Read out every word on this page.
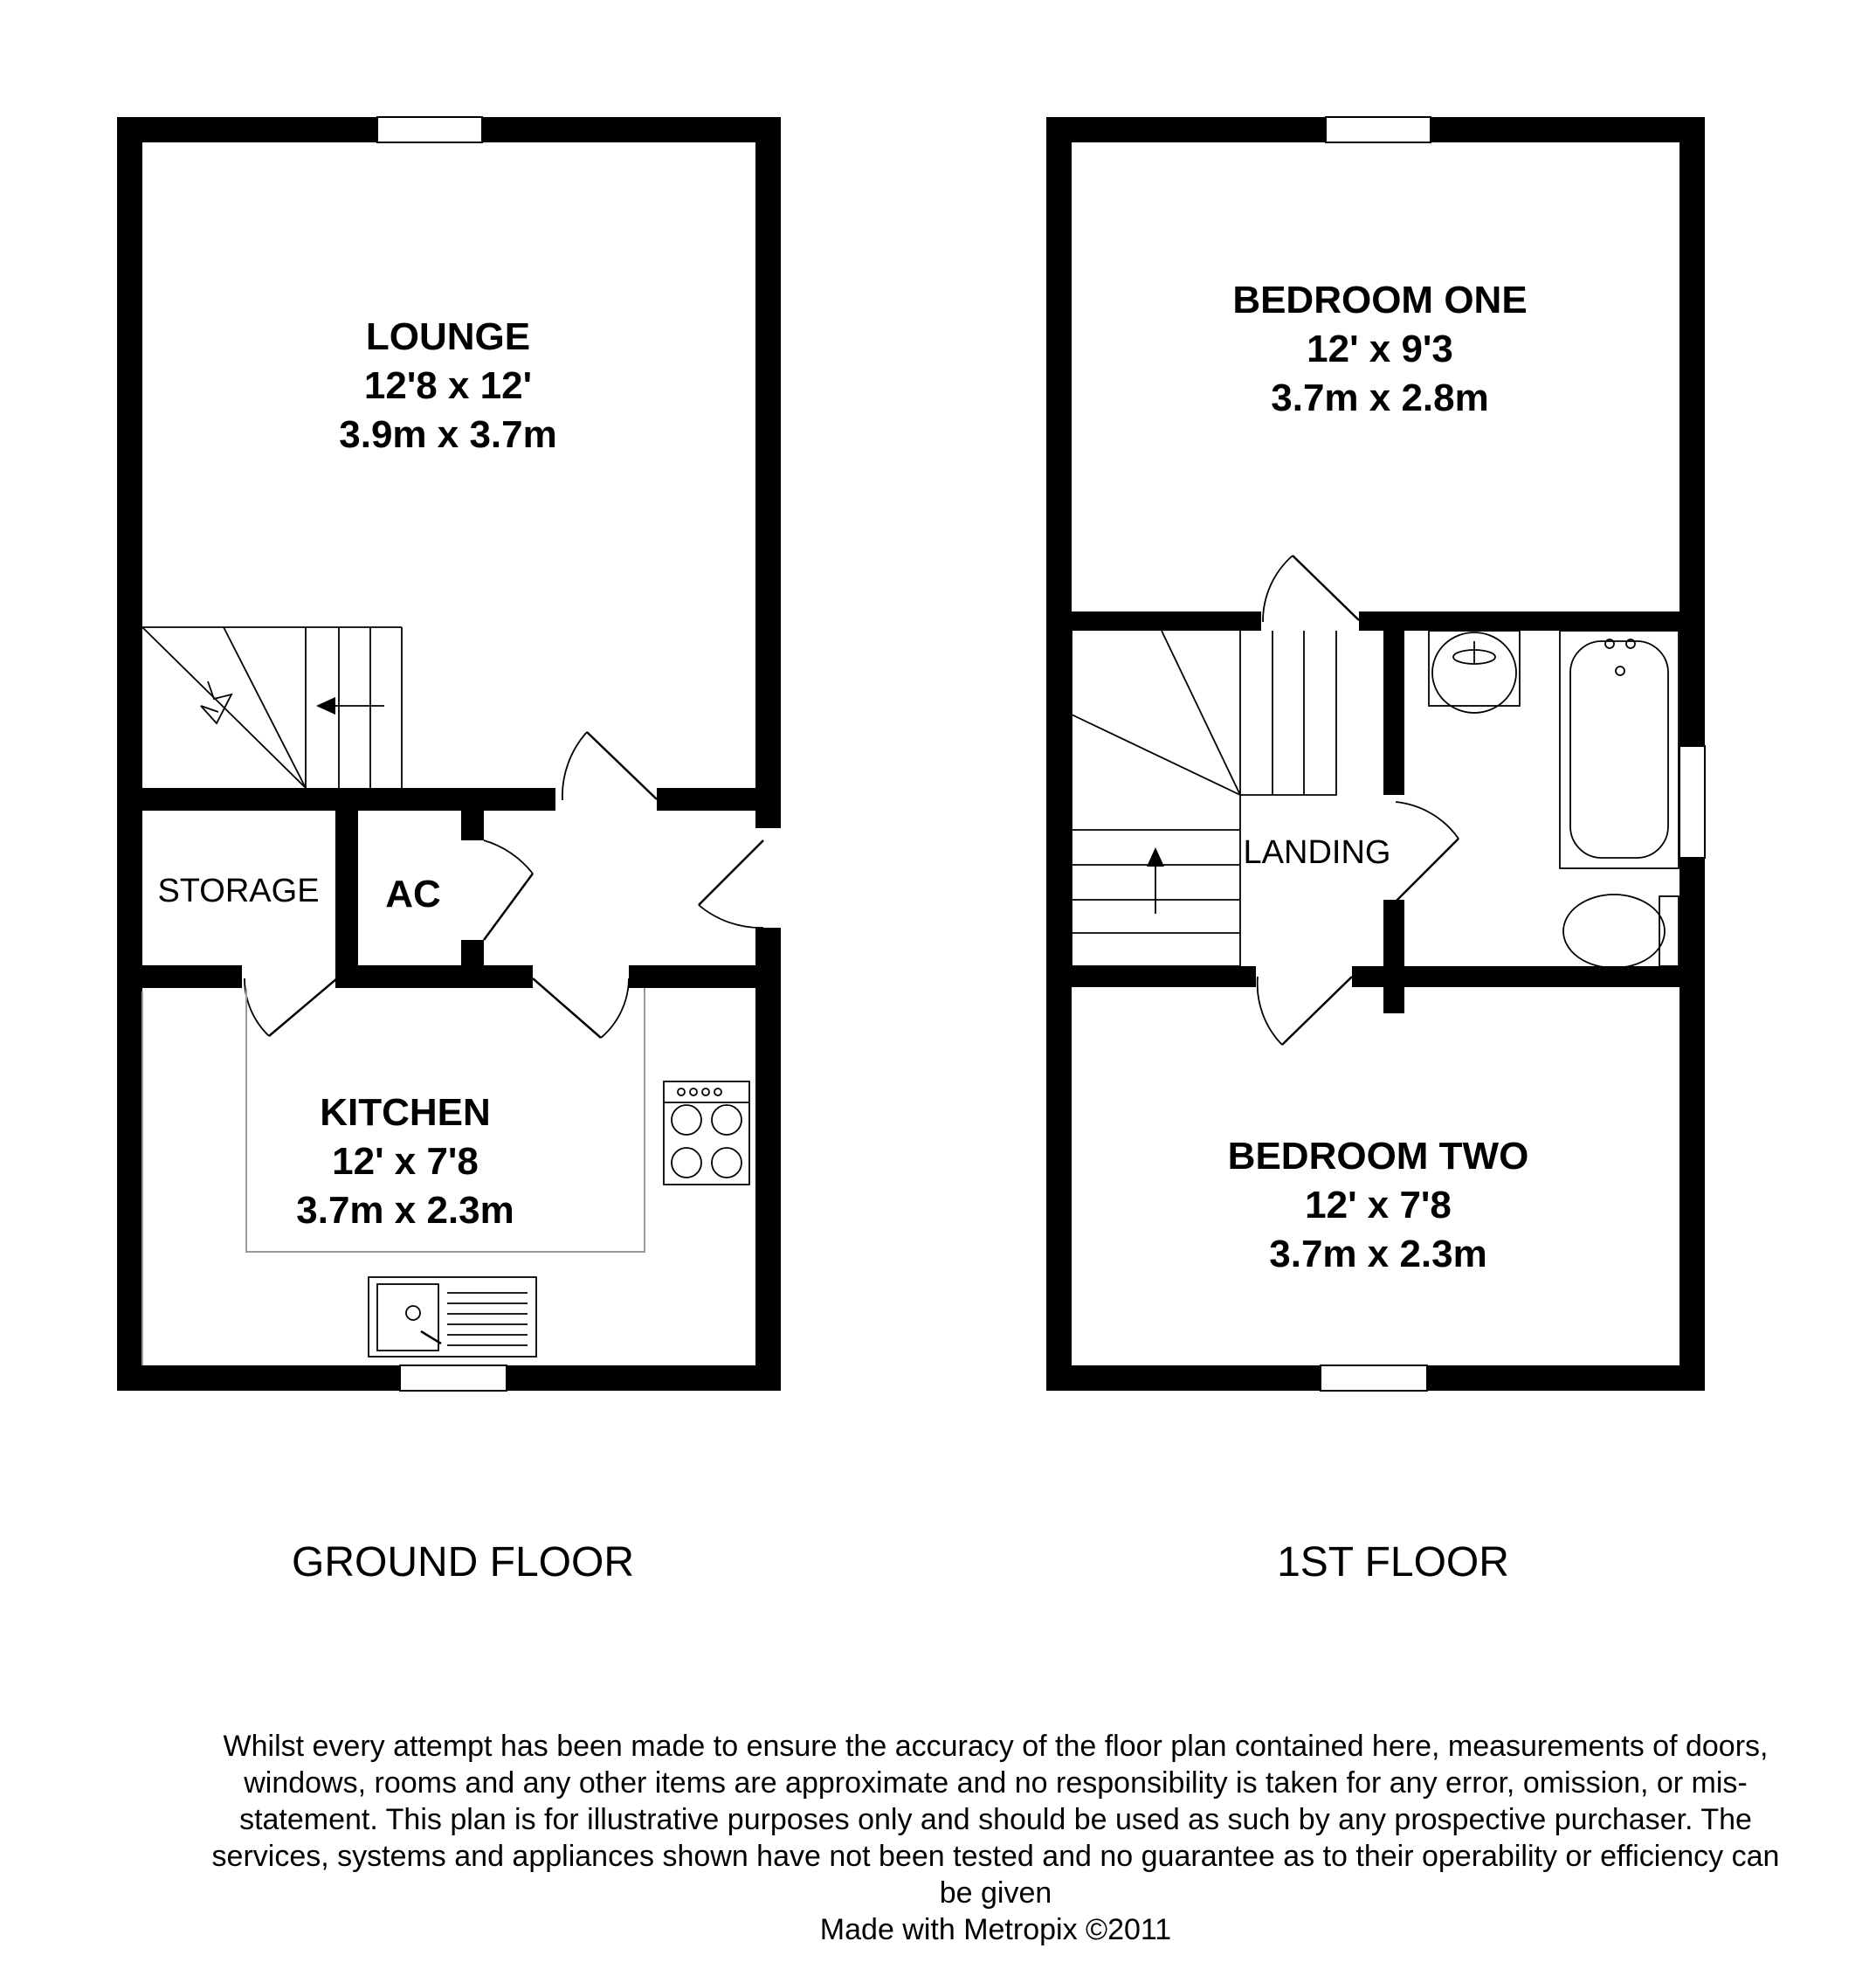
LOUNGE
12'8 x 12'
3.9m x 3.7m
STORAGE AC
KITCHEN
12' x 7'8
3.7m x 2.3m
GROUND FLOOR
BEDROOM ONE
12' x 9'3
3.7m x 2.8m
LANDING
BEDROOM TWO
12' x 7'8
3.7m x 2.3m
1ST FLOOR

Whilst every attempt has been made to ensure the accuracy of the floor plan contained here, measurements of doors, windows, rooms and any other items are approximate and no responsibility is taken for any error, omission, or mis-statement. This plan is for illustrative purposes only and should be used as such by any prospective purchaser. The services, systems and appliances shown have not been tested and no guarantee as to their operability or efficiency can be given

Made with Metropix ©2011
